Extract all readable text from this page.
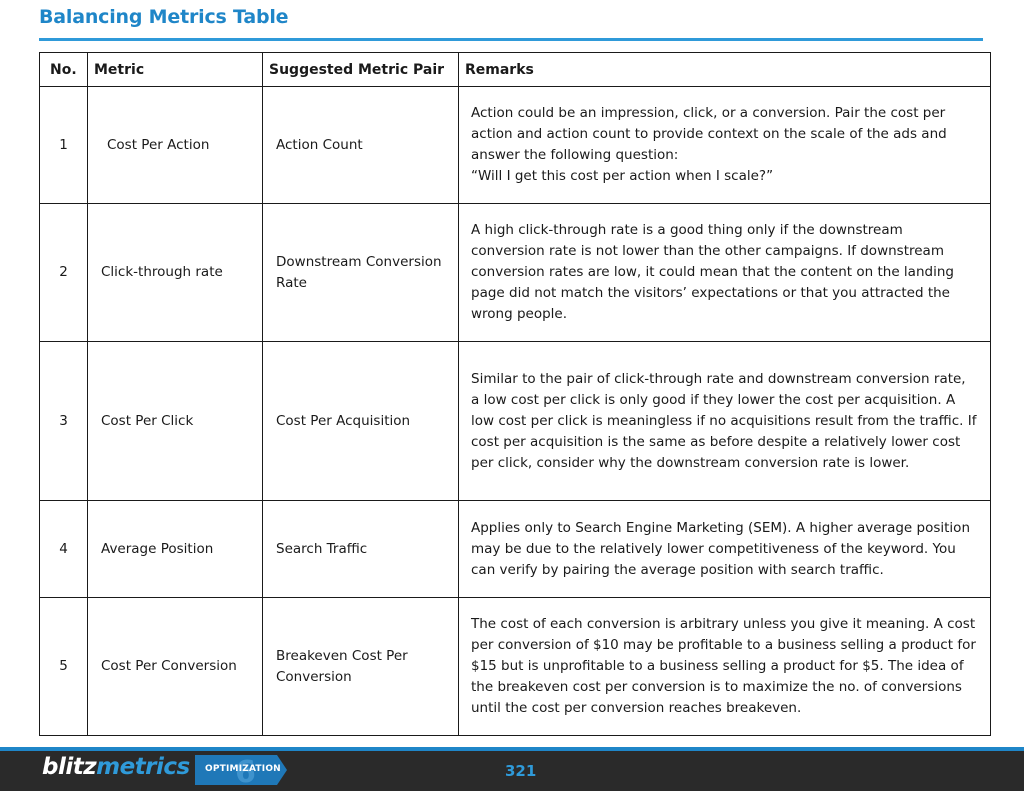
Balancing Metrics Table
No.	Metric	Suggested Metric Pair	Remarks
1	Cost Per Action	Action Count	Action could be an impression, click, or a conversion. Pair the cost per action and action count to provide context on the scale of the ads and answer the following question:
“Will I get this cost per action when I scale?”

2	Click-through rate	Downstream Conversion Rate	A high click-through rate is a good thing only if the downstream conversion rate is not lower than the other campaigns. If downstream conversion rates are low, it could mean that the content on the landing page did not match the visitors’ expectations or that you attracted the wrong people.
3	Cost Per Click	Cost Per Acquisition	Similar to the pair of click-through rate and downstream conversion rate, a low cost per click is only good if they lower the cost per acquisition. A low cost per click is meaningless if no acquisitions result from the traffic. If cost per acquisition is the same as before despite a relatively lower cost per click, consider why the downstream conversion rate is lower.
4	Average Position	Search Traffic	Applies only to Search Engine Marketing (SEM). A higher average position may be due to the relatively lower competitiveness of the keyword. You can verify by pairing the average position with search traffic.
5	Cost Per Conversion	Breakeven Cost Per Conversion	The cost of each conversion is arbitrary unless you give it meaning. A cost per conversion of $10 may be profitable to a business selling a product for $15 but is unprofitable to a business selling a product for $5. The idea of the breakeven cost per conversion is to maximize the no. of conversions until the cost per conversion reaches breakeven.
blitzmetrics 6
OPTIMIZATION	321
